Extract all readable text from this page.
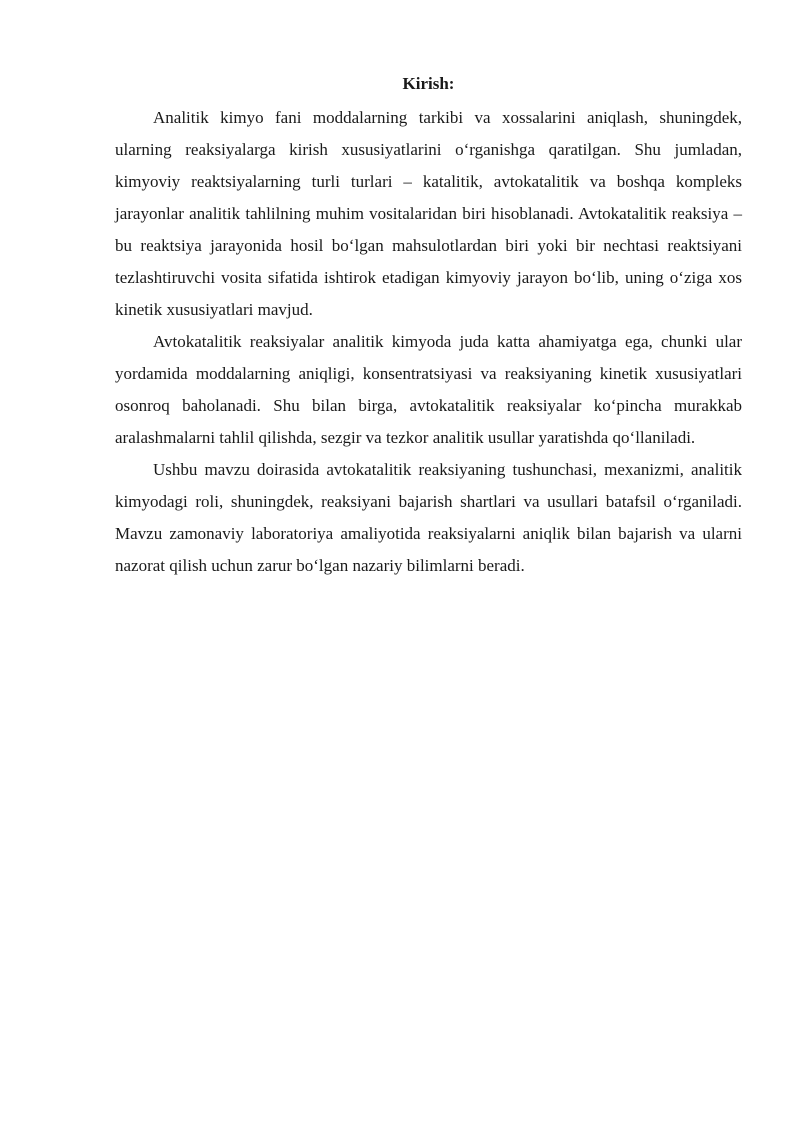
Kirish:

Analitik kimyo fani moddalarning tarkibi va xossalarini aniqlash, shuningdek, ularning reaksiyalarga kirish xususiyatlarini o‘rganishga qaratilgan. Shu jumladan, kimyoviy reaktsiyalarning turli turlari – katalitik, avtokatalitik va boshqa kompleks jarayonlar analitik tahlilning muhim vositalaridan biri hisoblanadi. Avtokatalitik reaksiya – bu reaktsiya jarayonida hosil bo‘lgan mahsulotlardan biri yoki bir nechtasi reaktsiyani tezlashtiruvchi vosita sifatida ishtirok etadigan kimyoviy jarayon bo‘lib, uning o‘ziga xos kinetik xususiyatlari mavjud.

Avtokatalitik reaksiyalar analitik kimyoda juda katta ahamiyatga ega, chunki ular yordamida moddalarning aniqligi, konsentratsiyasi va reaksiyaning kinetik xususiyatlari osonroq baholanadi. Shu bilan birga, avtokatalitik reaksiyalar ko‘pincha murakkab aralashmalarni tahlil qilishda, sezgir va tezkor analitik usullar yaratishda qo‘llaniladi.

Ushbu mavzu doirasida avtokatalitik reaksiyaning tushunchasi, mexanizmi, analitik kimyodagi roli, shuningdek, reaksiyani bajarish shartlari va usullari batafsil o‘rganiladi. Mavzu zamonaviy laboratoriya amaliyotida reaksiyalarni aniqlik bilan bajarish va ularni nazorat qilish uchun zarur bo‘lgan nazariy bilimlarni beradi.
